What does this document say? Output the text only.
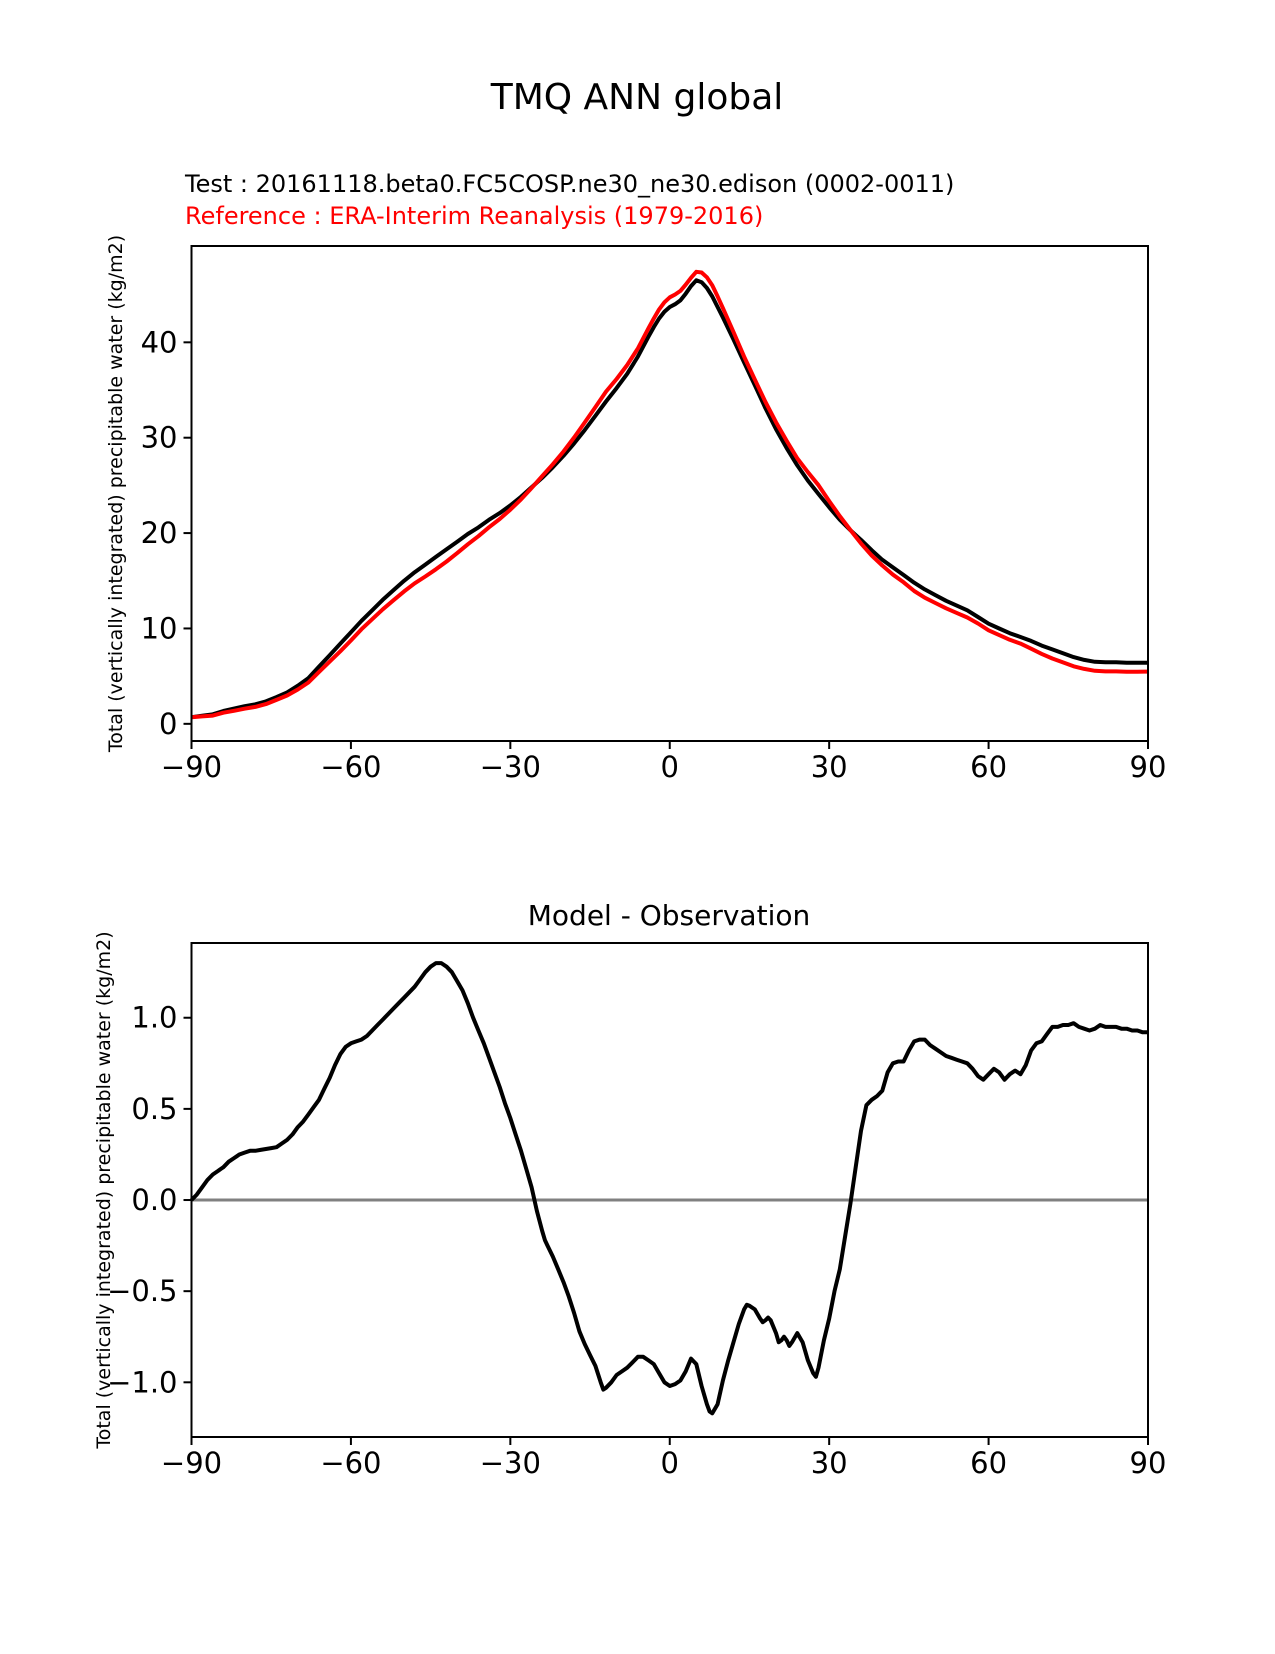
TMQ ANN global
Test : 20161118.beta0.FC5COSP.ne30_ne30.edison (0002-0011)
Reference : ERA-Interim Reanalysis (1979-2016)
Total (vertically integrated) precipitable water (kg/m2)
−90	−60	−30	0	30	60	90
0
10
20
30
40
Model - Observation
Total (vertically integrated) precipitable water (kg/m2)
−90	−60	−30	0	30	60	90
−1.0
−0.5
0.0
0.5
1.0
